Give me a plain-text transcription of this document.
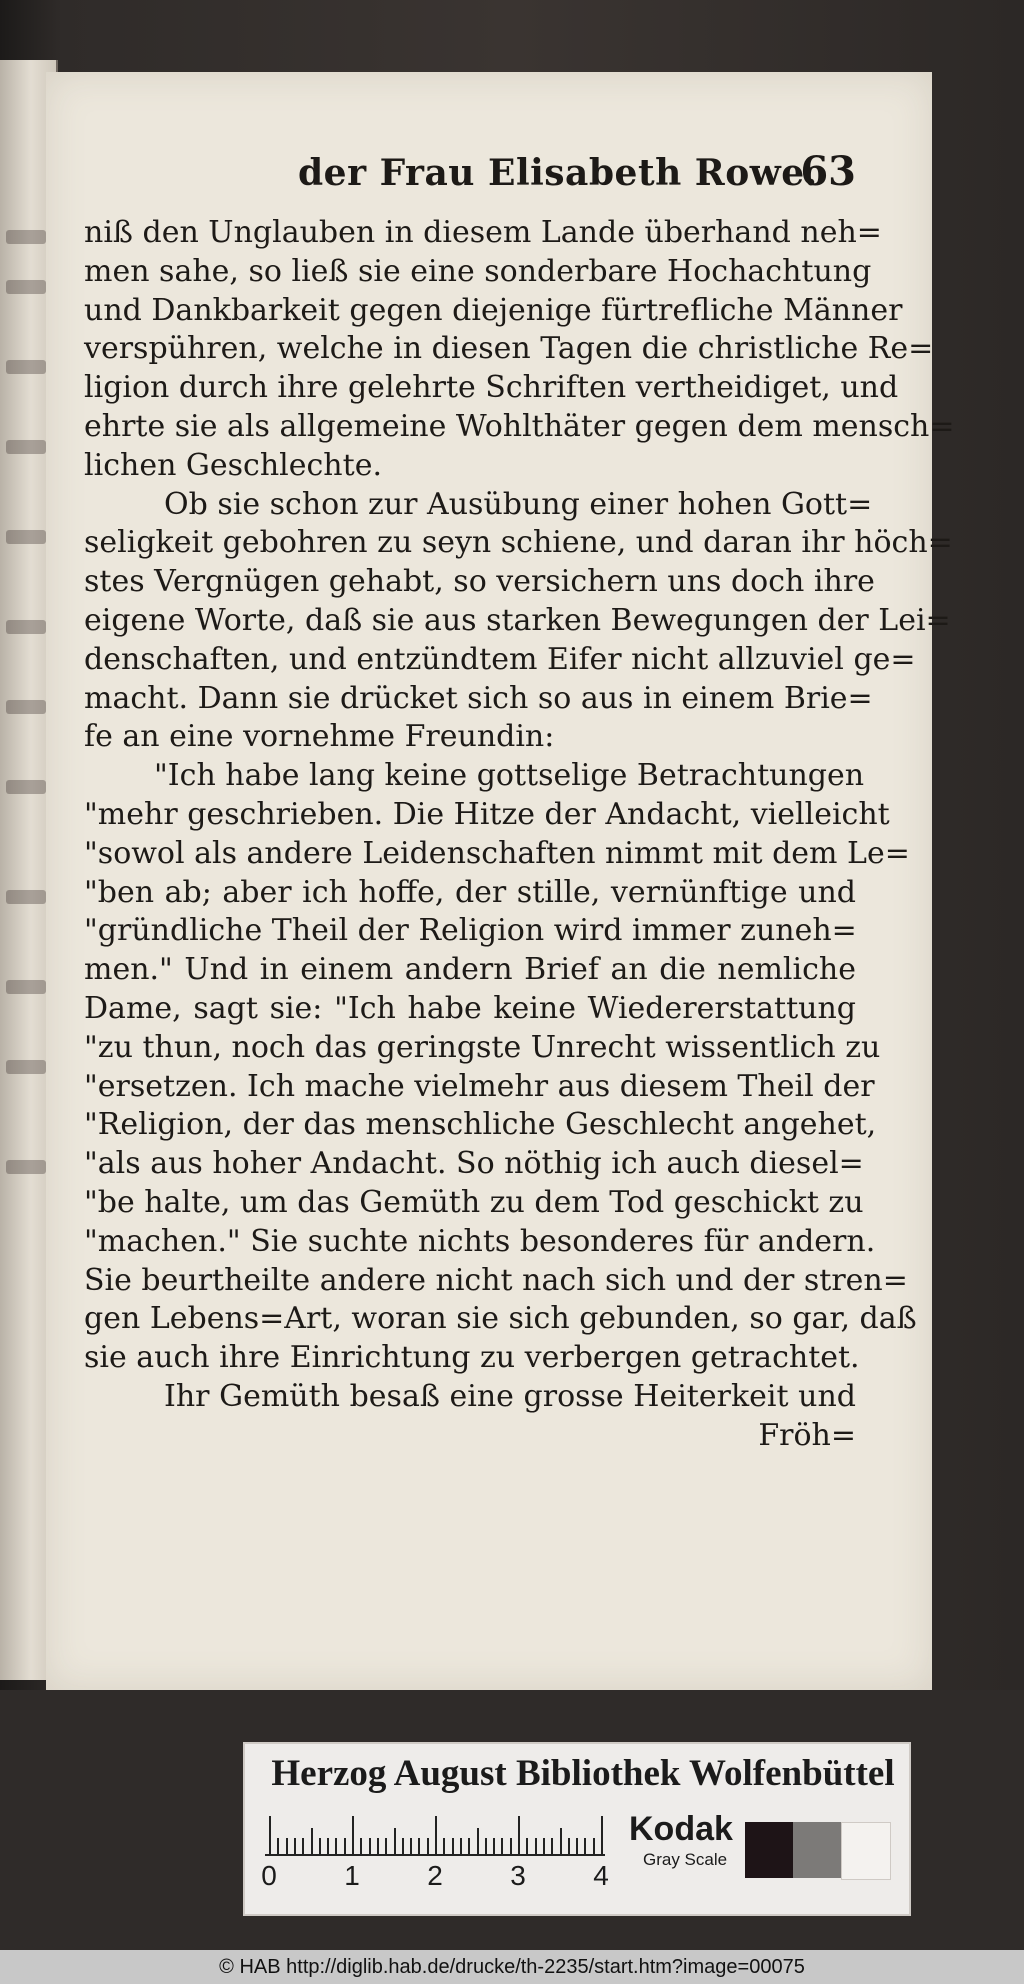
der Frau Elisabeth Rowe.
63
niß den Unglauben in diesem Lande überhand neh=
men sahe, so ließ sie eine sonderbare Hochachtung
und Dankbarkeit gegen diejenige fürtrefliche Männer
verspühren, welche in diesen Tagen die christliche Re=
ligion durch ihre gelehrte Schriften vertheidiget, und
ehrte sie als allgemeine Wohlthäter gegen dem mensch=
lichen Geschlechte.
Ob sie schon zur Ausübung einer hohen Gott=
seligkeit gebohren zu seyn schiene, und daran ihr höch=
stes Vergnügen gehabt, so versichern uns doch ihre
eigene Worte, daß sie aus starken Bewegungen der Lei=
denschaften, und entzündtem Eifer nicht allzuviel ge=
macht. Dann sie drücket sich so aus in einem Brie=
fe an eine vornehme Freundin:
"Ich habe lang keine gottselige Betrachtungen
"mehr geschrieben. Die Hitze der Andacht, vielleicht
"sowol als andere Leidenschaften nimmt mit dem Le=
"ben ab; aber ich hoffe, der stille, vernünftige und
"gründliche Theil der Religion wird immer zuneh=
men." Und in einem andern Brief an die nemliche
Dame, sagt sie: "Ich habe keine Wiedererstattung
"zu thun, noch das geringste Unrecht wissentlich zu
"ersetzen. Ich mache vielmehr aus diesem Theil der
"Religion, der das menschliche Geschlecht angehet,
"als aus hoher Andacht. So nöthig ich auch diesel=
"be halte, um das Gemüth zu dem Tod geschickt zu
"machen." Sie suchte nichts besonderes für andern.
Sie beurtheilte andere nicht nach sich und der stren=
gen Lebens=Art, woran sie sich gebunden, so gar, daß
sie auch ihre Einrichtung zu verbergen getrachtet.
Ihr Gemüth besaß eine grosse Heiterkeit und
Fröh=
Herzog August Bibliothek Wolfenbüttel
0 1 2 3 4
Kodak
Gray Scale
© HAB http://diglib.hab.de/drucke/th-2235/start.htm?image=00075
